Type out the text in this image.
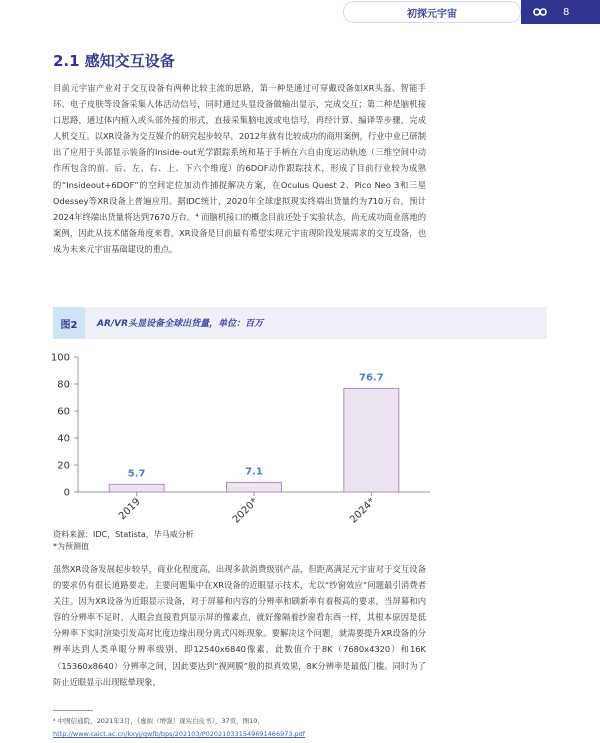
初探元宇宙	8
2.1 感知交互设备
目前元宇宙产业对于交互设备有两种比较主流的思路，第一种是通过可穿戴设备如XR头盔、智能手环、电子皮肤等设备采集人体活动信号，同时通过头显设备做输出显示，完成交互；第二种是脑机接口思路，通过体内植入或头部外接的形式，直接采集脑电波或电信号，再经计算、编译等步骤，完成人机交互。以XR设备为交互媒介的研究起步较早，2012年就有比较成功的商用案例，行业中业已研制出了应用于头部显示装备的Inside-out光学跟踪系统和基于手柄在六自由度运动轨迹（三维空间中动作所包含的前、后、左、右、上、下六个维度）的6DOF动作跟踪技术，形成了目前行业较为成熟的“Insideout+6DOF”的空间定位加动作捕捉解决方案，在Oculus Quest 2、Pico Neo 3和三星Odessey等XR设备上普遍应用。据IDC统计，2020年全球虚拟现实终端出货量约为710万台，预计2024年终端出货量将达到7670万台。⁴ 而脑机接口的概念目前还处于实验状态，尚无成功商业落地的案例，因此从技术储备角度来看，XR设备是目前最有希望实现元宇宙现阶段发展需求的交互设备，也成为未来元宇宙基础建设的重点。
图2	AR/VR头显设备全球出货量，单位：百万
0
20
40
60
80
100
5.7
2019
7.1
2020*
76.7
2024*
资料来源：IDC，Statista，毕马威分析
*为预测值
虽然XR设备发展起步较早，商业化程度高，出现多款消费级别产品，但距离满足元宇宙对于交互设备的要求仍有很长道路要走。主要问题集中在XR设备的近眼显示技术，尤以“纱窗效应”问题最引消费者关注。因为XR设备为近眼显示设备，对于屏幕和内容的分辨率和刷新率有着极高的要求，当屏幕和内容的分辨率不足时，人眼会直接看到显示屏的像素点，就好像隔着纱窗看东西一样，其根本原因是低分辨率下实时渲染引发高对比度边缘出现分离式闪烁现象。要解决这个问题，就需要提升XR设备的分辨率达到人类单眼分辨率级别，即12540x6840像素，此数值介于8K（7680x4320）和16K（15360x8640）分辨率之间，因此要达到“视网膜”般的拟真效果，8K分辨率是最低门槛。同时为了防止近眼显示出现眩晕现象，
⁴ 中国信通院，2021年3月，《虚拟（增强）现实白皮书》，37页，图10，
http://www.caict.ac.cn/kxyj/qwfb/bps/202103/P020210331549691466973.pdf
